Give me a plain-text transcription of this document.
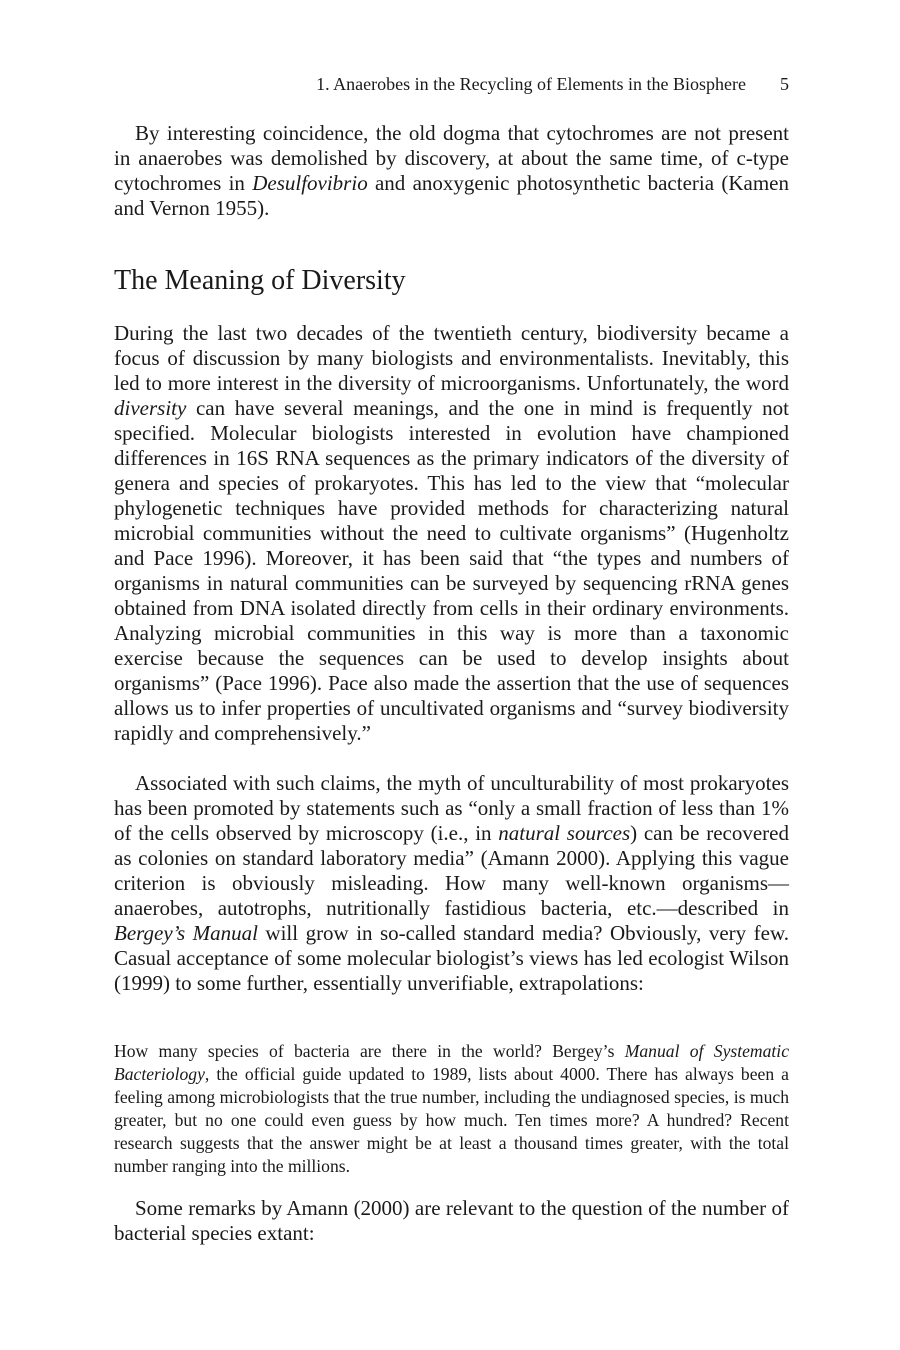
1. Anaerobes in the Recycling of Elements in the Biosphere 5

By interesting coincidence, the old dogma that cytochromes are not present in anaerobes was demolished by discovery, at about the same time, of c-type cytochromes in Desulfovibrio and anoxygenic photosynthetic bacteria (Kamen and Vernon 1955).

The Meaning of Diversity

During the last two decades of the twentieth century, biodiversity became a focus of discussion by many biologists and environmentalists. Inevitably, this led to more interest in the diversity of microorganisms. Unfortunately, the word diversity can have several meanings, and the one in mind is frequently not specified. Molecular biologists interested in evolution have championed differences in 16S RNA sequences as the primary indicators of the diversity of genera and species of prokaryotes. This has led to the view that “molecular phylogenetic techniques have provided methods for characterizing natural microbial communities without the need to cultivate organisms” (Hugenholtz and Pace 1996). Moreover, it has been said that “the types and numbers of organisms in natural communities can be surveyed by sequencing rRNA genes obtained from DNA isolated directly from cells in their ordinary environments. Analyzing microbial communities in this way is more than a taxonomic exercise because the sequences can be used to develop insights about organisms” (Pace 1996). Pace also made the assertion that the use of sequences allows us to infer properties of uncultivated organisms and “survey biodiversity rapidly and comprehensively.”

Associated with such claims, the myth of unculturability of most prokaryotes has been promoted by statements such as “only a small fraction of less than 1% of the cells observed by microscopy (i.e., in natural sources) can be recovered as colonies on standard laboratory media” (Amann 2000). Applying this vague criterion is obviously misleading. How many well-known organisms—anaerobes, autotrophs, nutritionally fastidious bacteria, etc.—described in Bergey’s Manual will grow in so-called standard media? Obviously, very few. Casual acceptance of some molecular biologist’s views has led ecologist Wilson (1999) to some further, essentially unverifiable, extrapolations:

How many species of bacteria are there in the world? Bergey’s Manual of Systematic Bacteriology, the official guide updated to 1989, lists about 4000. There has always been a feeling among microbiologists that the true number, including the undiagnosed species, is much greater, but no one could even guess by how much. Ten times more? A hundred? Recent research suggests that the answer might be at least a thousand times greater, with the total number ranging into the millions.

Some remarks by Amann (2000) are relevant to the question of the number of bacterial species extant:
